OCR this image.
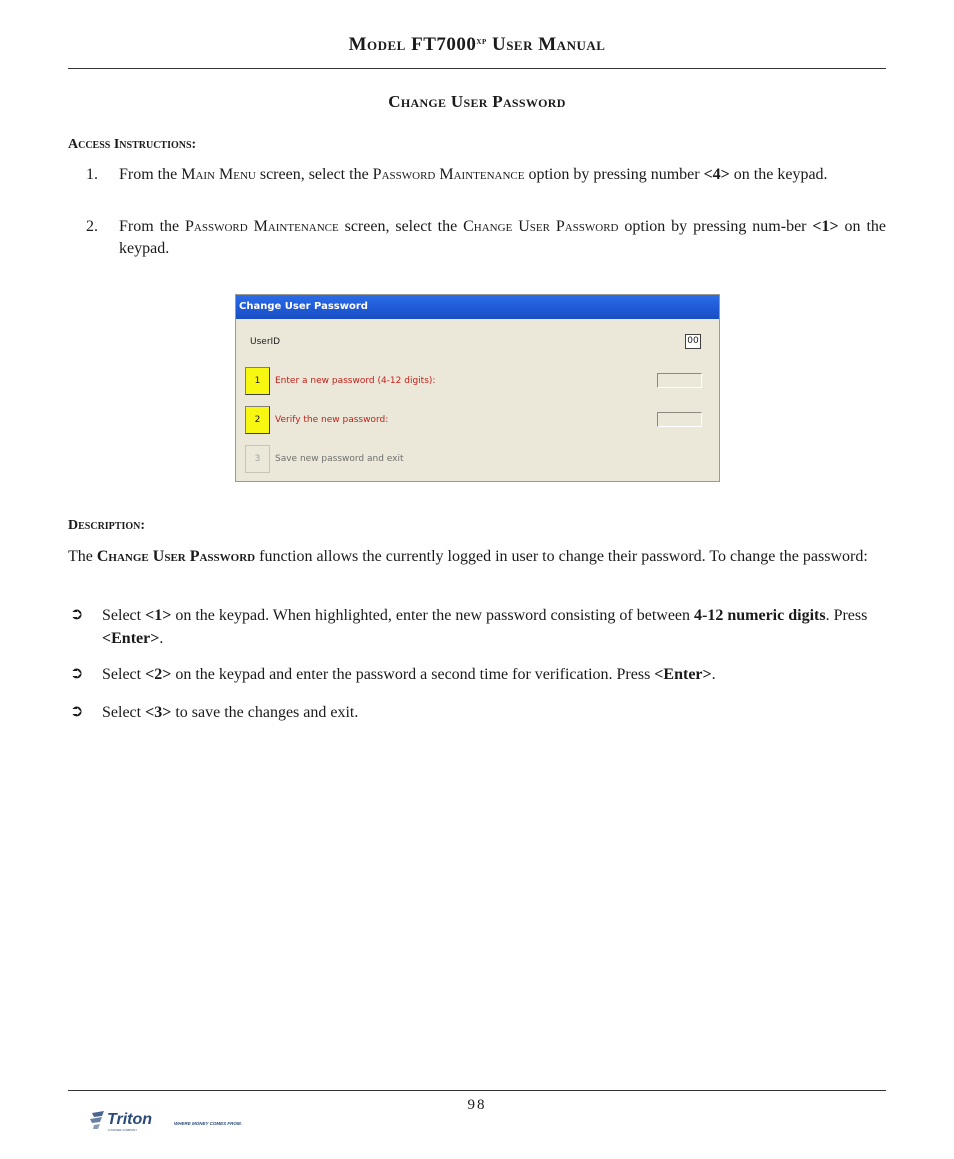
Model $FT7000^{xp}$ User Manual
Change User Password
Access Instructions:
1. From the Main Menu screen, select the Password Maintenance option by pressing number <4> on the keypad.
2. From the Password Maintenance screen, select the Change User Password option by pressing num-ber <1> on the keypad.
Change User Password
UserID	00
1	Enter a new password (4-12 digits):
2	Verify the new password:
3	Save new password and exit
Description:
The Change User Password function allows the currently logged in user to change their password. To change the password:
➲ Select <1> on the keypad. When highlighted, enter the new password consisting of between 4-12 numeric digits. Press <Enter>.
➲ Select <2> on the keypad and enter the password a second time for verification. Press <Enter>.
➲ Select <3> to save the changes and exit.
98
Triton	WHERE MONEY COMES FROM.
A DOVER COMPANY
